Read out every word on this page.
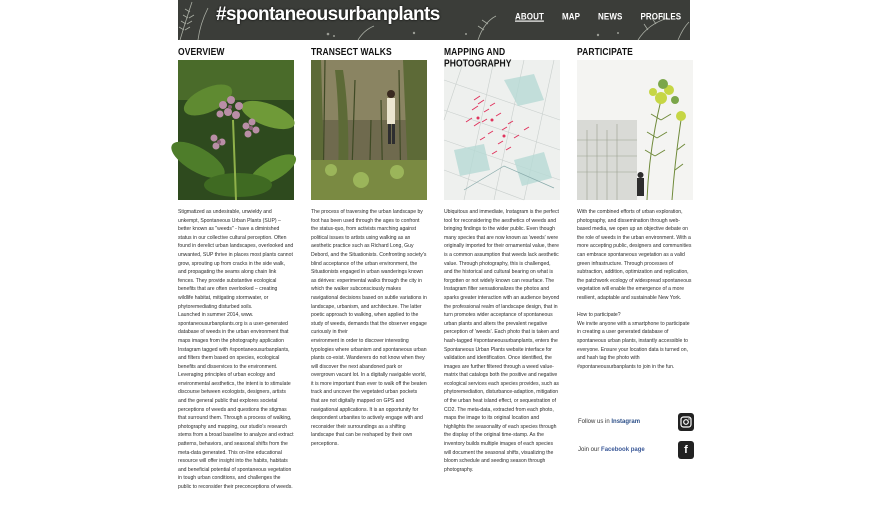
#spontaneousurbanplants	ABOUT MAP NEWS PROFILES SERVICES
OVERVIEW
Stigmatized as undesirable, unwieldy and unkempt, Spontaneous Urban Plants (SUP) – better known as "weeds" - have a diminished status in our collective cultural perception. Often found in derelict urban landscapes, overlooked and unwanted, SUP thrive in places most plants cannot grow, sprouting up from cracks in the side walk, and propagating the seams along chain link fences. They provide substantive ecological benefits that are often overlooked – creating wildlife habitat, mitigating stormwater, or phytoremediating disturbed soils.
Launched in summer 2014, www. spontaneousurbanplants.org is a user-generated database of weeds in the urban environment that maps images from the photography application Instagram tagged with #spontaneousurbanplants, and filters them based on species, ecological benefits and disservices to the environment.
Leveraging principles of urban ecology and environmental aesthetics, the intent is to stimulate discourse between ecologists, designers, artists and the general public that explores societal perceptions of weeds and questions the stigmas that surround them. Through a process of walking, photography and mapping, our studio's research stems from a broad baseline to analyze and extract patterns, behaviors, and seasonal shifts from the meta-data generated. This on-line educational resource will offer insight into the habits, habitats and beneficial potential of spontaneous vegetation in tough urban conditions, and challenges the public to reconsider their preconceptions of weeds.
TRANSECT WALKS
The process of traversing the urban landscape by foot has been used through the ages to confront the status-quo, from activists marching against political issues to artists using walking as an aesthetic practice such as Richard Long, Guy Debord, and the Situationists. Confronting society's blind acceptance of the urban environment, the Situationists engaged in urban wanderings known as dérives: experimental walks through the city in which the walker subconsciously makes navigational decisions based on subtle variations in landscape, urbanism, and architecture. The latter poetic approach to walking, when applied to the study of weeds, demands that the observer engage curiously in their
environment in order to discover interesting typologies where urbanism and spontaneous urban plants co-exist. Wanderers do not know when they will discover the next abandoned park or overgrown vacant lot. In a digitally navigable world, it is more important than ever to walk off the beaten track and uncover the vegetated urban pockets that are not digitally mapped on GPS and navigational applications. It is an opportunity for despondent urbanites to actively engage with and reconsider their surroundings as a shifting landscape that can be reshaped by their own perceptions.
MAPPING AND PHOTOGRAPHY
Ubiquitous and immediate, Instagram is the perfect tool for reconsidering the aesthetics of weeds and bringing findings to the wider public. Even though many species that are now known as 'weeds' were originally imported for their ornamental value, there is a common assumption that weeds lack aesthetic value. Through photography, this is challenged, and the historical and cultural bearing on what is forgotten or not widely known can resurface. The Instagram filter sensationalizes the photos and sparks greater interaction with an audience beyond the professional realm of landscape design, that in turn promotes wider acceptance of spontaneous urban plants and alters the prevalent negative perception of 'weeds'. Each photo that is taken and hash-tagged #spontaneousurbanplants, enters the Spontaneous Urban Plants website interface for validation and identification. Once identified, the images are further filtered through a weed value-matrix that catalogs both the positive and negative ecological services each species provides, such as phytoremediation, disturbance-adaption, mitigation of the urban heat island effect, or sequestration of CO2. The meta-data, extracted from each photo, maps the image to its original location and highlights the seasonality of each species through the display of the original time-stamp. As the inventory builds multiple images of each species will document the seasonal shifts, visualizing the bloom schedule and seeding season through photography.
PARTICIPATE
With the combined efforts of urban exploration, photography, and dissemination through web-based media, we open up an objective debate on the role of weeds in the urban environment. With a more accepting public, designers and communities can embrace spontaneous vegetation as a valid green infrastructure. Through processes of subtraction, addition, optimization and replication, the patchwork ecology of widespread spontaneous vegetation will enable the emergence of a more resilient, adaptable and sustainable New York.

How to participate?
We invite anyone with a smartphone to participate in creating a user generated database of spontaneous urban plants, instantly accessible to everyone. Ensure your location data is turned on, and hash tag the photo with #spontaneousurbanplants to join in the fun.
Follow us in Instagram
Join our Facebook page	f
